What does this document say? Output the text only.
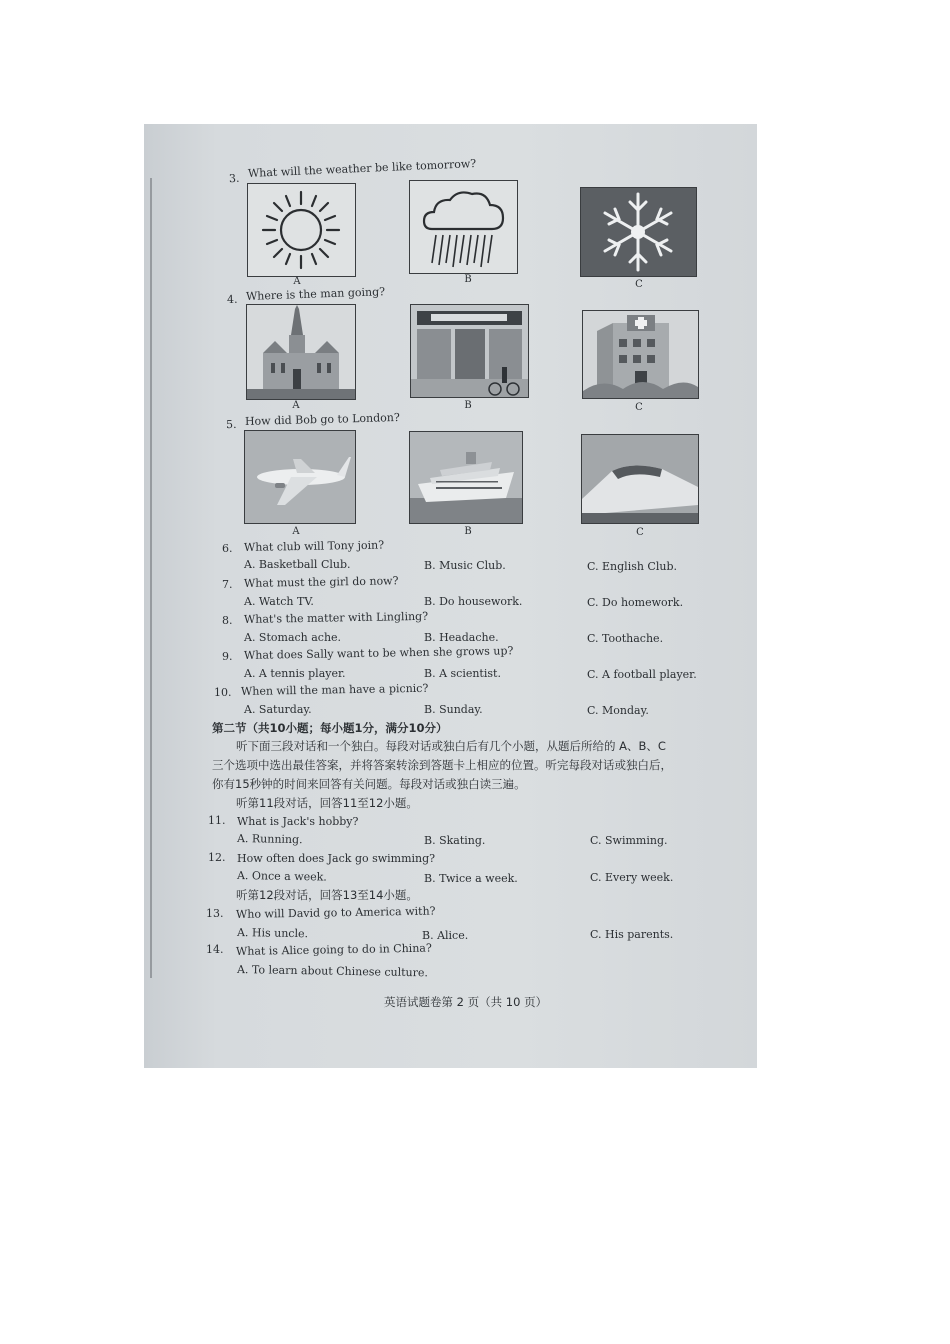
3. What will the weather be like tomorrow?
A	B	C
4. Where is the man going?
A	B	C
5. How did Bob go to London?
A	B	C
6. What club will Tony join?
A. Basketball Club.	B. Music Club.	C. English Club.
7. What must the girl do now?
A. Watch TV.	B. Do housework.	C. Do homework.
8. What's the matter with Lingling?
A. Stomach ache.	B. Headache.	C. Toothache.
9. What does Sally want to be when she grows up?
A. A tennis player.	B. A scientist.	C. A football player.
10. When will the man have a picnic?
A. Saturday.	B. Sunday.	C. Monday.
第二节（共10小题；每小题1分，满分10分）
听下面三段对话和一个独白。每段对话或独白后有几个小题，从题后所给的 A、B、C
三个选项中选出最佳答案，并将答案转涂到答题卡上相应的位置。听完每段对话或独白后，
你有15秒钟的时间来回答有关问题。每段对话或独白读三遍。
听第11段对话，回答11至12小题。
11. What is Jack's hobby?
A. Running.	B. Skating.	C. Swimming.
12. How often does Jack go swimming?
A. Once a week.	B. Twice a week.	C. Every week.
听第12段对话，回答13至14小题。
13. Who will David go to America with?
A. His uncle.	B. Alice.	C. His parents.
14. What is Alice going to do in China?
A. To learn about Chinese culture.
英语试题卷第 2 页（共 10 页）
